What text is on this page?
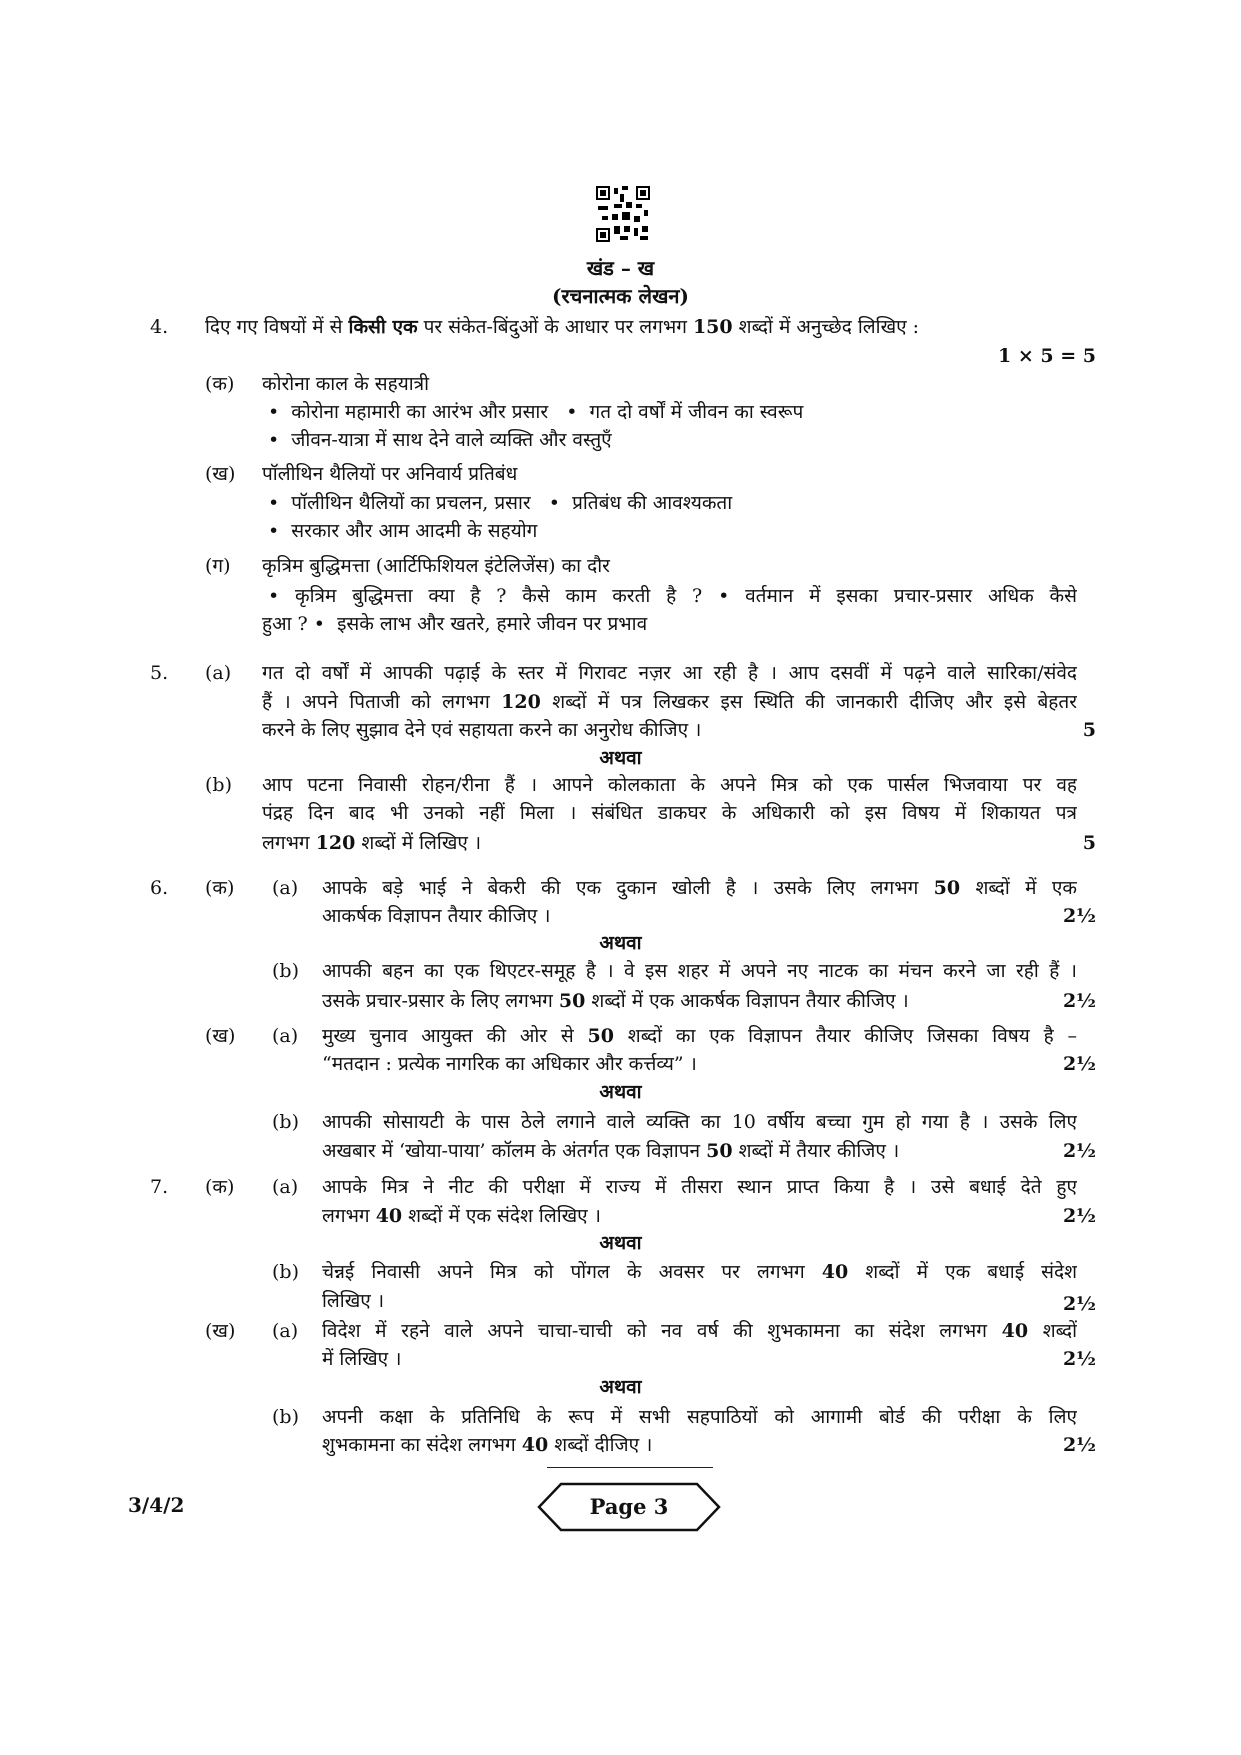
खंड – ख
(रचनात्मक लेखन)
4. दिए गए विषयों में से किसी एक पर संकेत-बिंदुओं के आधार पर लगभग 150 शब्दों में अनुच्छेद लिखिए :
1 × 5 = 5
(क) कोरोना काल के सहयात्री
•  कोरोना महामारी का आरंभ और प्रसार   •  गत दो वर्षों में जीवन का स्वरूप
•  जीवन-यात्रा में साथ देने वाले व्यक्ति और वस्तुएँ
(ख) पॉलीथिन थैलियों पर अनिवार्य प्रतिबंध
•  पॉलीथिन थैलियों का प्रचलन, प्रसार   •  प्रतिबंध की आवश्यकता
•  सरकार और आम आदमी के सहयोग
(ग) कृत्रिम बुद्धिमत्ता (आर्टिफिशियल इंटेलिजेंस) का दौर
• कृत्रिम बुद्धिमत्ता क्या है ? कैसे काम करती है ? • वर्तमान में इसका प्रचार-प्रसार अधिक कैसे
हुआ ? •  इसके लाभ और खतरे, हमारे जीवन पर प्रभाव
5. (a) गत दो वर्षों में आपकी पढ़ाई के स्तर में गिरावट नज़र आ रही है । आप दसवीं में पढ़ने वाले सारिका/संवेद
हैं । अपने पिताजी को लगभग 120 शब्दों में पत्र लिखकर इस स्थिति की जानकारी दीजिए और इसे बेहतर
करने के लिए सुझाव देने एवं सहायता करने का अनुरोध कीजिए ।	5
अथवा
(b) आप पटना निवासी रोहन/रीना हैं । आपने कोलकाता के अपने मित्र को एक पार्सल भिजवाया पर वह
पंद्रह दिन बाद भी उनको नहीं मिला । संबंधित डाकघर के अधिकारी को इस विषय में शिकायत पत्र
लगभग 120 शब्दों में लिखिए ।	5
6. (क) (a) आपके बड़े भाई ने बेकरी की एक दुकान खोली है । उसके लिए लगभग 50 शब्दों में एक
आकर्षक विज्ञापन तैयार कीजिए ।	2½
अथवा
(b) आपकी बहन का एक थिएटर-समूह है । वे इस शहर में अपने नए नाटक का मंचन करने जा रही हैं ।
उसके प्रचार-प्रसार के लिए लगभग 50 शब्दों में एक आकर्षक विज्ञापन तैयार कीजिए ।	2½
(ख) (a) मुख्य चुनाव आयुक्त की ओर से 50 शब्दों का एक विज्ञापन तैयार कीजिए जिसका विषय है –
“मतदान : प्रत्येक नागरिक का अधिकार और कर्त्तव्य” ।	2½
अथवा
(b) आपकी सोसायटी के पास ठेले लगाने वाले व्यक्ति का 10 वर्षीय बच्चा गुम हो गया है । उसके लिए
अखबार में ‘खोया-पाया’ कॉलम के अंतर्गत एक विज्ञापन 50 शब्दों में तैयार कीजिए ।	2½
7. (क) (a) आपके मित्र ने नीट की परीक्षा में राज्य में तीसरा स्थान प्राप्त किया है । उसे बधाई देते हुए
लगभग 40 शब्दों में एक संदेश लिखिए ।	2½
अथवा
(b) चेन्नई निवासी अपने मित्र को पोंगल के अवसर पर लगभग 40 शब्दों में एक बधाई संदेश
लिखिए ।	2½
(ख) (a) विदेश में रहने वाले अपने चाचा-चाची को नव वर्ष की शुभकामना का संदेश लगभग 40 शब्दों
में लिखिए ।	2½
अथवा
(b) अपनी कक्षा के प्रतिनिधि के रूप में सभी सहपाठियों को आगामी बोर्ड की परीक्षा के लिए
शुभकामना का संदेश लगभग 40 शब्दों दीजिए ।	2½
3/4/2	Page 3
